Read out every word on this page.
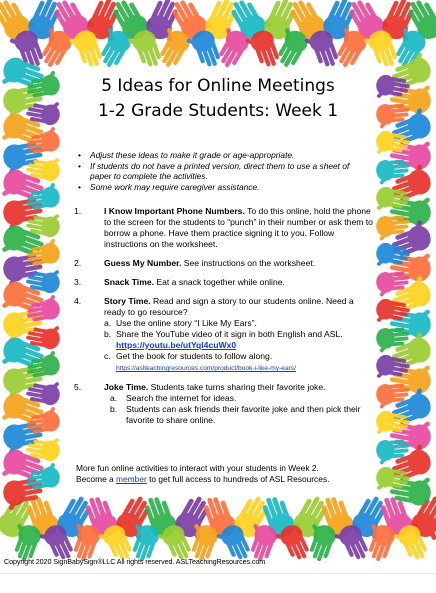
5 Ideas for Online Meetings
1-2 Grade Students: Week 1
• Adjust these ideas to make it grade or age-appropriate.
• If students do not have a printed version, direct them to use a sheet of paper to complete the activities.
• Some work may require caregiver assistance.
1.	I Know Important Phone Numbers. To do this online, hold the phone to the screen for the students to “punch” in their number or ask them to borrow a phone. Have them practice signing it to you. Follow instructions on the worksheet.
2.	Guess My Number. See instructions on the worksheet.
3.	Snack Time. Eat a snack together while online.
4.	Story Time. Read and sign a story to our students online. Need a ready to go resource?
a. Use the online story “I Like My Ears”.
b. Share the YouTube video of it sign in both English and ASL.
https://youtu.be/utYql4cuWx0
c. Get the book for students to follow along.
https://aslteachingresources.com/product/book-i-like-my-ears/
5.	Joke Time. Students take turns sharing their favorite joke.
a. Search the internet for ideas.
b. Students can ask friends their favorite joke and then pick their favorite to share online.
More fun online activities to interact with your students in Week 2.
Become a member to get full access to hundreds of ASL Resources.
Copyright 2020 SignBabySign®LLC All rights reserved. ASLTeachingResources.com
